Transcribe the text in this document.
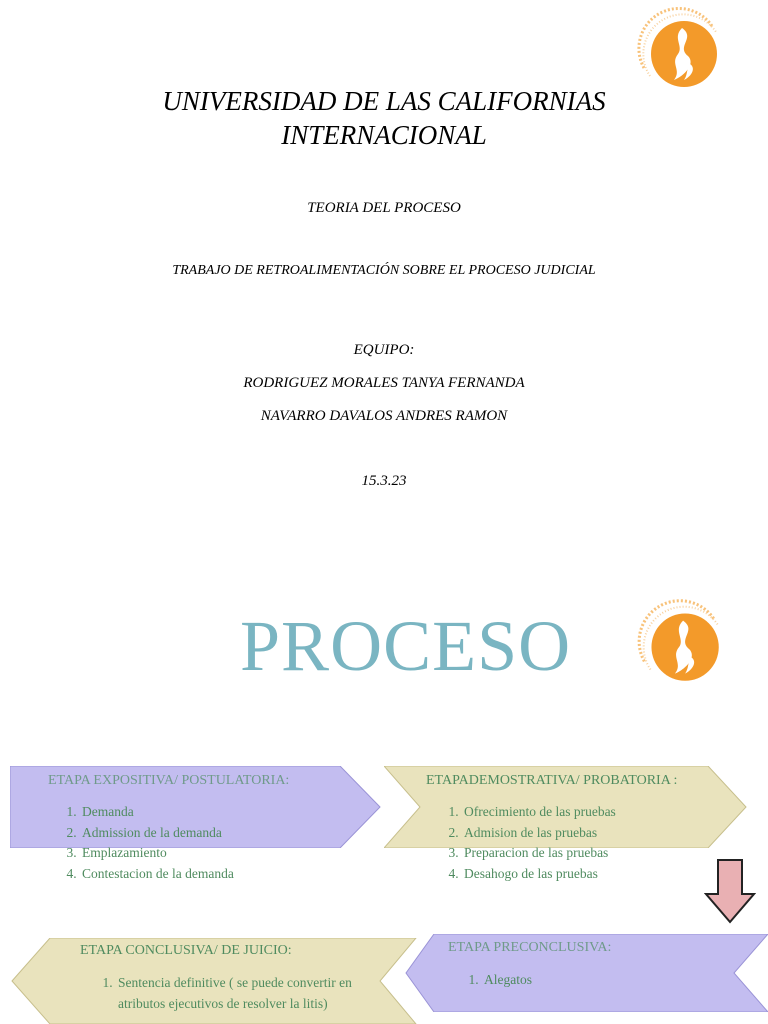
UNIVERSIDAD DE LAS CALIFORNIAS
INTERNACIONAL
TEORIA DEL PROCESO
TRABAJO DE RETROALIMENTACIÓN SOBRE EL PROCESO JUDICIAL
EQUIPO:
RODRIGUEZ MORALES TANYA FERNANDA
NAVARRO DAVALOS ANDRES RAMON
15.3.23
PROCESO
ETAPA EXPOSITIVA/ POSTULATORIA:
1. Demanda
2. Admission de la demanda
3. Emplazamiento
4. Contestacion de la demanda
ETAPADEMOSTRATIVA/ PROBATORIA :
1. Ofrecimiento de las pruebas
2. Admision de las pruebas
3. Preparacion de las pruebas
4. Desahogo de las pruebas
ETAPA CONCLUSIVA/ DE JUICIO:
1. Sentencia definitive ( se puede convertir en atributos ejecutivos de resolver la litis)
ETAPA PRECONCLUSIVA:
1. Alegatos
